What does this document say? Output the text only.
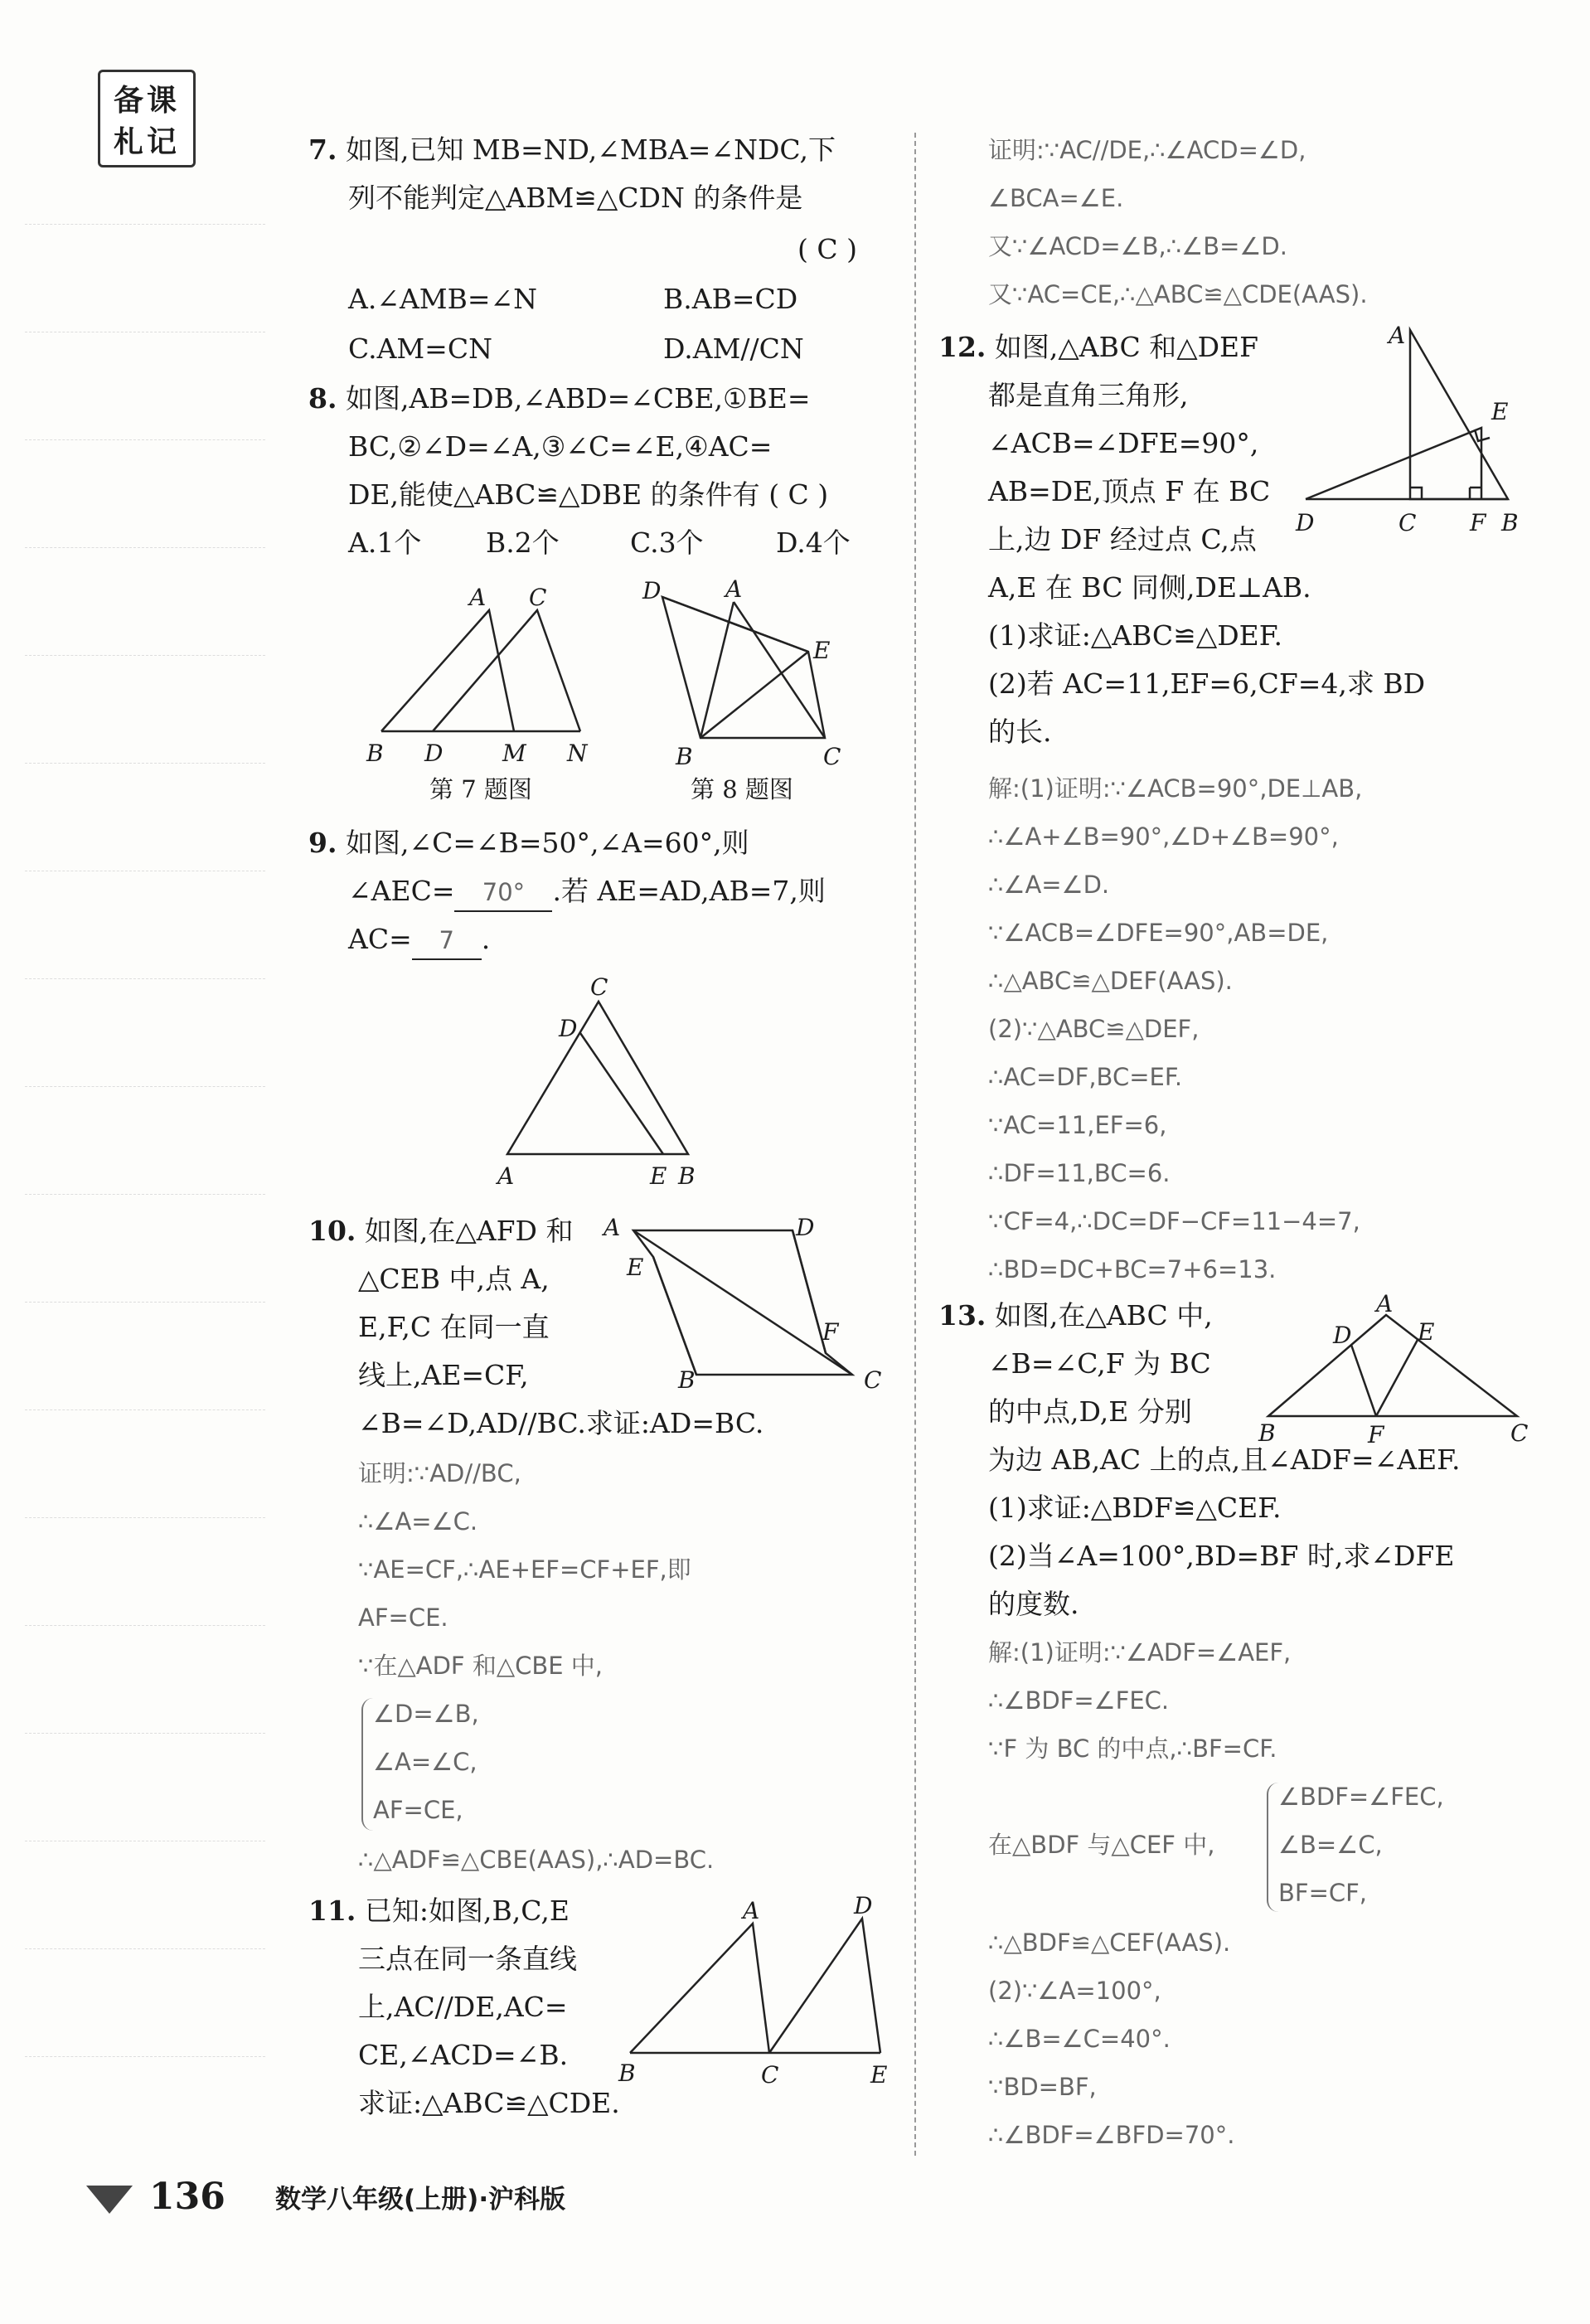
备课
札记	7. 如图,已知 MB=ND,∠MBA=∠NDC,下
列不能判定△ABM≌△CDN 的条件是
( C )
A.∠AMB=∠N	B.AB=CD
C.AM=CN	D.AM//CN
8. 如图,AB=DB,∠ABD=∠CBE,①BE=
BC,②∠D=∠A,③∠C=∠E,④AC=
DE,能使△ABC≌△DBE 的条件有 ( C )
A.1个 B.2个	C.3个	D.4个
A C
B D	M N
第 7 题图
D	A
E
B	C
第 8 题图
9. 如图,∠C=∠B=50°,∠A=60°,则
∠AEC= 70° .若 AE=AD,AB=7,则
AC= 7 .
C
D
A	E B
10. 如图,在△AFD 和
△CEB 中,点 A,
E,F,C 在同一直
线上,AE=CF,
∠B=∠D,AD//BC.求证:AD=BC.
A	D
E
F
B	C
证明:∵AD//BC,
∴∠A=∠C.
∵AE=CF,∴AE+EF=CF+EF,即
AF=CE.
∵在△ADF 和△CBE 中,
∠D=∠B,
∠A=∠C,
AF=CE,
∴△ADF≌△CBE(AAS),∴AD=BC.
11. 已知:如图,B,C,E
三点在同一条直线
上,AC//DE,AC=
CE,∠ACD=∠B.
求证:△ABC≌△CDE.
A	D
B	C	E
证明:∵AC//DE,∴∠ACD=∠D,
∠BCA=∠E.
又∵∠ACD=∠B,∴∠B=∠D.
又∵AC=CE,∴△ABC≌△CDE(AAS).
12. 如图,△ABC 和△DEF
都是直角三角形,
∠ACB=∠DFE=90°,
AB=DE,顶点 F 在 BC
上,边 DF 经过点 C,点
A,E 在 BC 同侧,DE⊥AB.
(1)求证:△ABC≌△DEF.
(2)若 AC=11,EF=6,CF=4,求 BD
的长.
A
E
D	C F B
解:(1)证明:∵∠ACB=90°,DE⊥AB,
∴∠A+∠B=90°,∠D+∠B=90°,
∴∠A=∠D.
∵∠ACB=∠DFE=90°,AB=DE,
∴△ABC≌△DEF(AAS).
(2)∵△ABC≌△DEF,
∴AC=DF,BC=EF.
∵AC=11,EF=6,
∴DF=11,BC=6.
∵CF=4,∴DC=DF−CF=11−4=7,
∴BD=DC+BC=7+6=13.
13. 如图,在△ABC 中,
∠B=∠C,F 为 BC
的中点,D,E 分别
为边 AB,AC 上的点,且∠ADF=∠AEF.
(1)求证:△BDF≌△CEF.
(2)当∠A=100°,BD=BF 时,求∠DFE
的度数.
A
D	E
B	F	C
解:(1)证明:∵∠ADF=∠AEF,
∴∠BDF=∠FEC.
∵F 为 BC 的中点,∴BF=CF.
在△BDF 与△CEF 中,
∠BDF=∠FEC,
∠B=∠C,
BF=CF,
∴△BDF≌△CEF(AAS).
(2)∵∠A=100°,
∴∠B=∠C=40°.
∵BD=BF,
∴∠BDF=∠BFD=70°.
136 数学八年级(上册)·沪科版
